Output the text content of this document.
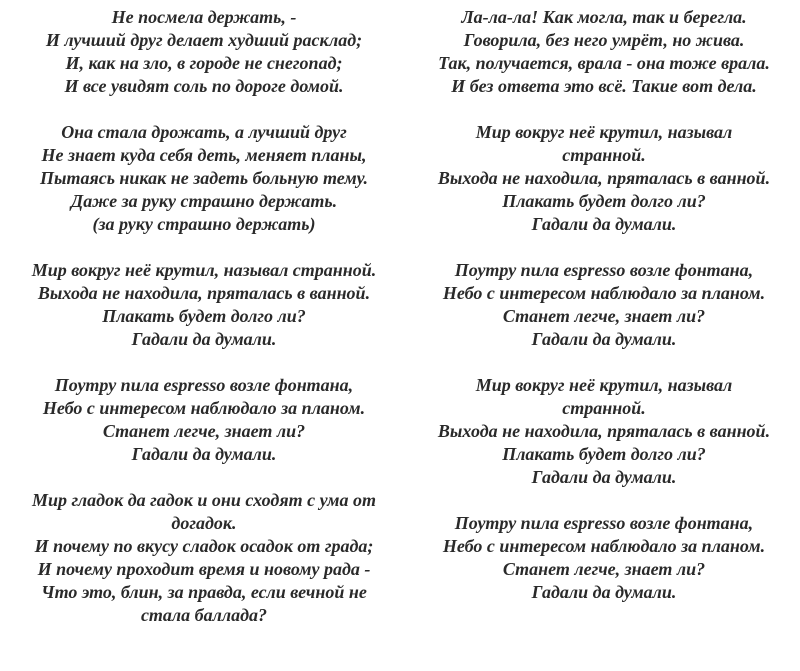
Не посмела держать, -
И лучший друг делает худший расклад;
И, как на зло, в городе не снегопад;
И все увидят соль по дороге домой.
Она стала дрожать, а лучший друг
Не знает куда себя деть, меняет планы,
Пытаясь никак не задеть больную тему.
Даже за руку страшно держать.
(за руку страшно держать)
Мир вокруг неё крутил, называл странной.
Выхода не находила, пряталась в ванной.
Плакать будет долго ли?
Гадали да думали.
Поутру пила espresso возле фонтана,
Небо с интересом наблюдало за планом.
Станет легче, знает ли?
Гадали да думали.
Мир гладок да гадок и они сходят с ума от
догадок.
И почему по вкусу сладок осадок от града;
И почему проходит время и новому рада -
Что это, блин, за правда, если вечной не
стала баллада?
Ла-ла-ла! Как могла, так и берегла.
Говорила, без него умрёт, но жива.
Так, получается, врала - она тоже врала.
И без ответа это всё. Такие вот дела.
Мир вокруг неё крутил, называл
странной.
Выхода не находила, пряталась в ванной.
Плакать будет долго ли?
Гадали да думали.
Поутру пила espresso возле фонтана,
Небо с интересом наблюдало за планом.
Станет легче, знает ли?
Гадали да думали.
Мир вокруг неё крутил, называл
странной.
Выхода не находила, пряталась в ванной.
Плакать будет долго ли?
Гадали да думали.
Поутру пила espresso возле фонтана,
Небо с интересом наблюдало за планом.
Станет легче, знает ли?
Гадали да думали.
